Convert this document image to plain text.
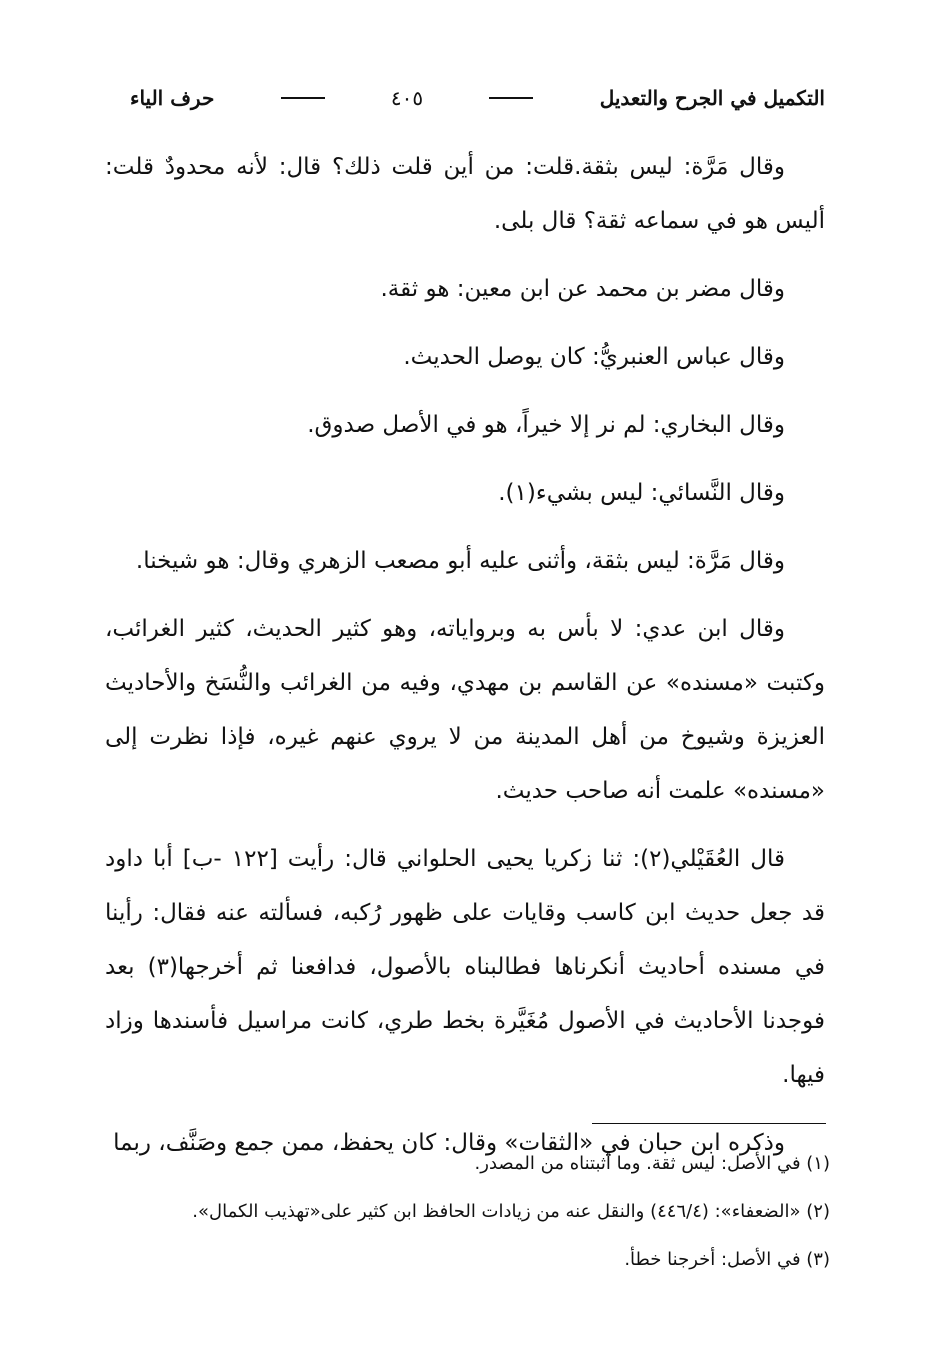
التكميل في الجرح والتعديل
٤٠٥
حرف الياء

وقال مَرَّة: ليس بثقة.قلت: من أين قلت ذلك؟ قال: لأنه محدودٌ قلت: أليس هو في سماعه ثقة؟ قال بلى.

وقال مضر بن محمد عن ابن معين: هو ثقة.

وقال عباس العنبريُّ: كان يوصل الحديث.

وقال البخاري: لم نر إلا خيراً، هو في الأصل صدوق.

وقال النَّسائي: ليس بشيء(١).

وقال مَرَّة: ليس بثقة، وأثنى عليه أبو مصعب الزهري وقال: هو شيخنا.

وقال ابن عدي: لا بأس به وبرواياته، وهو كثير الحديث، كثير الغرائب، وكتبت «مسنده» عن القاسم بن مهدي، وفيه من الغرائب والنُّسَخ والأحاديث العزيزة وشيوخ من أهل المدينة من لا يروي عنهم غيره، فإذا نظرت إلى «مسنده» علمت أنه صاحب حديث.

قال العُقَيْلي(٢): ثنا زكريا يحيى الحلواني قال: رأيت [١٢٢ -ب] أبا داود قد جعل حديث ابن كاسب وقايات على ظهور رُكبه، فسألته عنه فقال: رأينا في مسنده أحاديث أنكرناها فطالبناه بالأصول، فدافعنا ثم أخرجها(٣) بعد فوجدنا الأحاديث في الأصول مُغَيَّرة بخط طري، كانت مراسيل فأسندها وزاد فيها.

وذكره ابن حبان في «الثقات» وقال: كان يحفظ، ممن جمع وصَنَّف، ربما

(١) في الأصل: ليس ثقة. وما أثبتناه من المصدر.
(٢) «الضعفاء»: (٤٤٦/٤) والنقل عنه من زيادات الحافظ ابن كثير على«تهذيب الكمال».
(٣) في الأصل: أخرجنا خطأ.
